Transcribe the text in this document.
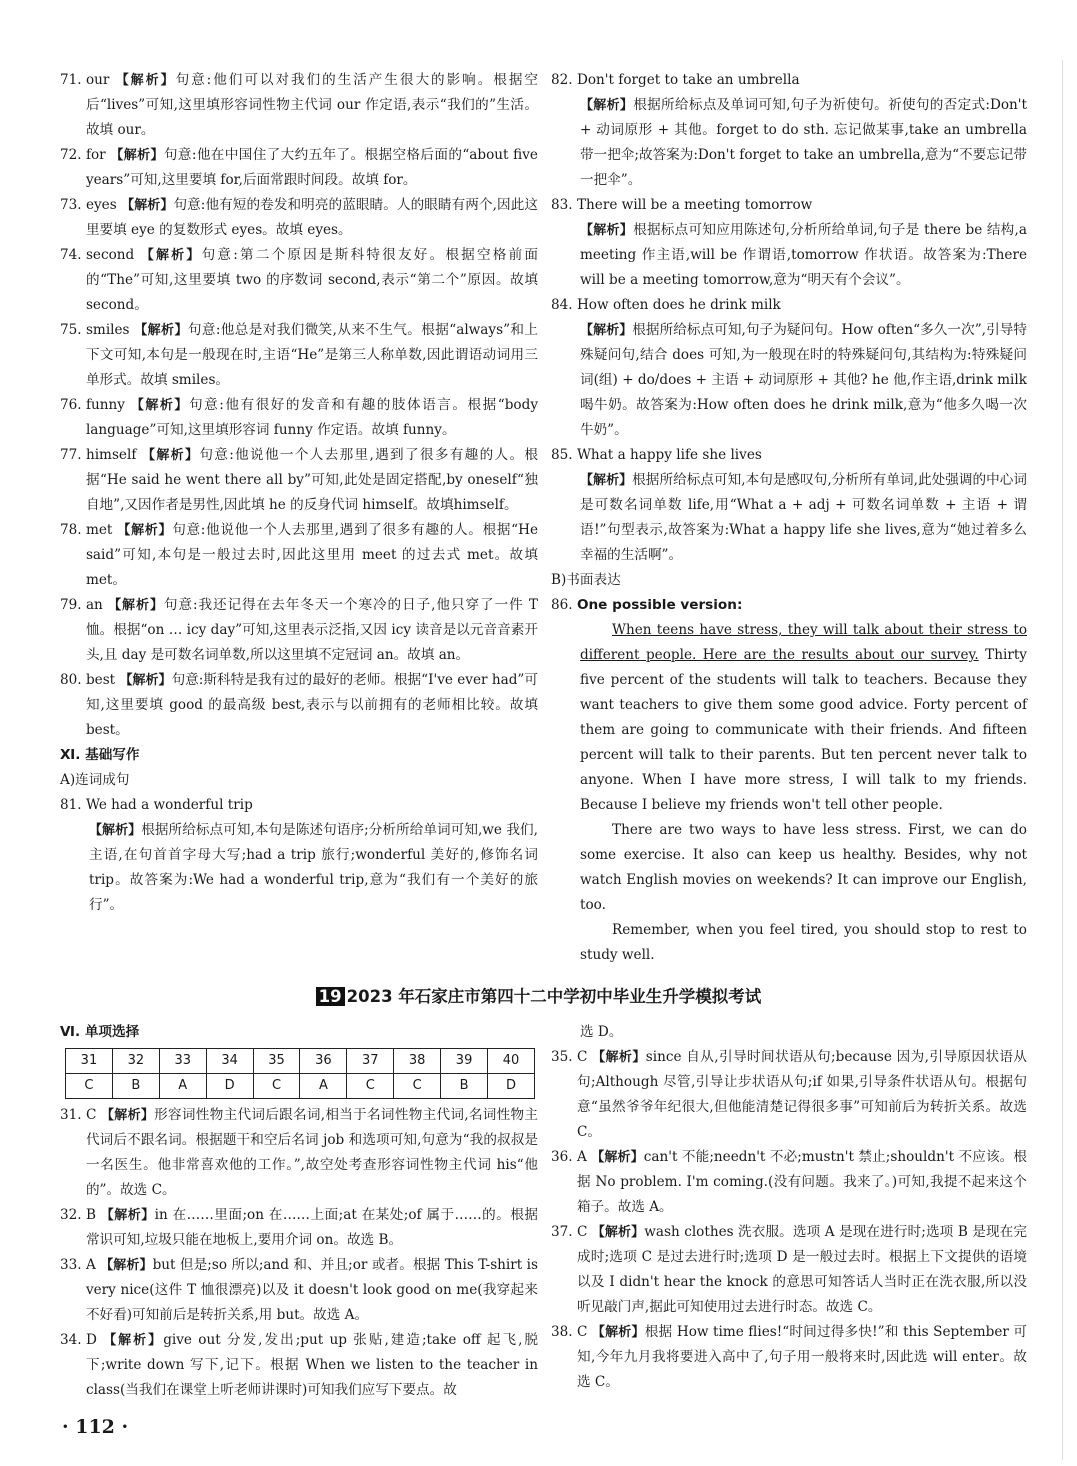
71.
our 【解析】句意:他们可以对我们的生活产生很大的影响。根据空后“lives”可知,这里填形容词性物主代词 our 作定语,表示“我们的”生活。故填 our。
72.
for 【解析】句意:他在中国住了大约五年了。根据空格后面的“about five years”可知,这里要填 for,后面常跟时间段。故填 for。
73.
eyes 【解析】句意:他有短的卷发和明亮的蓝眼睛。人的眼睛有两个,因此这里要填 eye 的复数形式 eyes。故填 eyes。
74.
second 【解析】句意:第二个原因是斯科特很友好。根据空格前面的“The”可知,这里要填 two 的序数词 second,表示“第二个”原因。故填 second。
75.
smiles 【解析】句意:他总是对我们微笑,从来不生气。根据“always”和上下文可知,本句是一般现在时,主语“He”是第三人称单数,因此谓语动词用三单形式。故填 smiles。
76.
funny 【解析】句意:他有很好的发音和有趣的肢体语言。根据“body language”可知,这里填形容词 funny 作定语。故填 funny。
77.
himself 【解析】句意:他说他一个人去那里,遇到了很多有趣的人。根据“He said he went there all by”可知,此处是固定搭配,by oneself“独自地”,又因作者是男性,因此填 he 的反身代词 himself。故填himself。
78.
met 【解析】句意:他说他一个人去那里,遇到了很多有趣的人。根据“He said”可知,本句是一般过去时,因此这里用 meet 的过去式 met。故填 met。
79.
an 【解析】句意:我还记得在去年冬天一个寒冷的日子,他只穿了一件 T 恤。根据“on … icy day”可知,这里表示泛指,又因 icy 读音是以元音音素开头,且 day 是可数名词单数,所以这里填不定冠词 an。故填 an。
80.
best 【解析】句意:斯科特是我有过的最好的老师。根据“I've ever had”可知,这里要填 good 的最高级 best,表示与以前拥有的老师相比较。故填 best。
Ⅺ. 基础写作
A)连词成句
81.
We had a wonderful trip
【解析】根据所给标点可知,本句是陈述句语序;分析所给单词可知,we 我们,主语,在句首首字母大写;had a trip 旅行;wonderful 美好的,修饰名词 trip。故答案为:We had a wonderful trip,意为“我们有一个美好的旅行”。
82.
Don't forget to take an umbrella
【解析】根据所给标点及单词可知,句子为祈使句。祈使句的否定式:Don't + 动词原形 + 其他。forget to do sth. 忘记做某事,take an umbrella 带一把伞;故答案为:Don't forget to take an umbrella,意为“不要忘记带一把伞”。
83.
There will be a meeting tomorrow
【解析】根据标点可知应用陈述句,分析所给单词,句子是 there be 结构,a meeting 作主语,will be 作谓语,tomorrow 作状语。故答案为:There will be a meeting tomorrow,意为“明天有个会议”。
84.
How often does he drink milk
【解析】根据所给标点可知,句子为疑问句。How often“多久一次”,引导特殊疑问句,结合 does 可知,为一般现在时的特殊疑问句,其结构为:特殊疑问词(组) + do/does + 主语 + 动词原形 + 其他? he 他,作主语,drink milk 喝牛奶。故答案为:How often does he drink milk,意为“他多久喝一次牛奶”。
85.
What a happy life she lives
【解析】根据所给标点可知,本句是感叹句,分析所有单词,此处强调的中心词是可数名词单数 life,用“What a + adj + 可数名词单数 + 主语 + 谓语!”句型表示,故答案为:What a happy life she lives,意为“她过着多么幸福的生活啊”。
B)书面表达
86.
One possible version:
When teens have stress, they will talk about their stress to different people. Here are the results about our survey. Thirty five percent of the students will talk to teachers. Because they want teachers to give them some good advice. Forty percent of them are going to communicate with their friends. And fifteen percent will talk to their parents. But ten percent never talk to anyone. When I have more stress, I will talk to my friends. Because I believe my friends won't tell other people.
There are two ways to have less stress. First, we can do some exercise. It also can keep us healthy. Besides, why not watch English movies on weekends? It can improve our English, too.
Remember, when you feel tired, you should stop to rest to study well.
19 2023 年石家庄市第四十二中学初中毕业生升学模拟考试
Ⅵ. 单项选择
31	32	33	34	35	36	37	38	39	40
C	B	A	D	C	A	C	C	B	D
31.
C 【解析】形容词性物主代词后跟名词,相当于名词性物主代词,名词性物主代词后不跟名词。根据题干和空后名词 job 和选项可知,句意为“我的叔叔是一名医生。他非常喜欢他的工作。”,故空处考查形容词性物主代词 his“他的”。故选 C。
32.
B 【解析】in 在……里面;on 在……上面;at 在某处;of 属于……的。根据常识可知,垃圾只能在地板上,要用介词 on。故选 B。
33.
A 【解析】but 但是;so 所以;and 和、并且;or 或者。根据 This T-shirt is very nice(这件 T 恤很漂亮)以及 it doesn't look good on me(我穿起来不好看)可知前后是转折关系,用 but。故选 A。
34.
D 【解析】give out 分发,发出;put up 张贴,建造;take off 起飞,脱下;write down 写下,记下。根据 When we listen to the teacher in class(当我们在课堂上听老师讲课时)可知我们应写下要点。故
选 D。
35.
C 【解析】since 自从,引导时间状语从句;because 因为,引导原因状语从句;Although 尽管,引导让步状语从句;if 如果,引导条件状语从句。根据句意“虽然爷爷年纪很大,但他能清楚记得很多事”可知前后为转折关系。故选 C。
36.
A 【解析】can't 不能;needn't 不必;mustn't 禁止;shouldn't 不应该。根据 No problem. I'm coming.(没有问题。我来了。)可知,我提不起来这个箱子。故选 A。
37.
C 【解析】wash clothes 洗衣服。选项 A 是现在进行时;选项 B 是现在完成时;选项 C 是过去进行时;选项 D 是一般过去时。根据上下文提供的语境以及 I didn't hear the knock 的意思可知答话人当时正在洗衣服,所以没听见敲门声,据此可知使用过去进行时态。故选 C。
38.
C 【解析】根据 How time flies!“时间过得多快!”和 this September 可知,今年九月我将要进入高中了,句子用一般将来时,因此选 will enter。故选 C。
· 112 ·
